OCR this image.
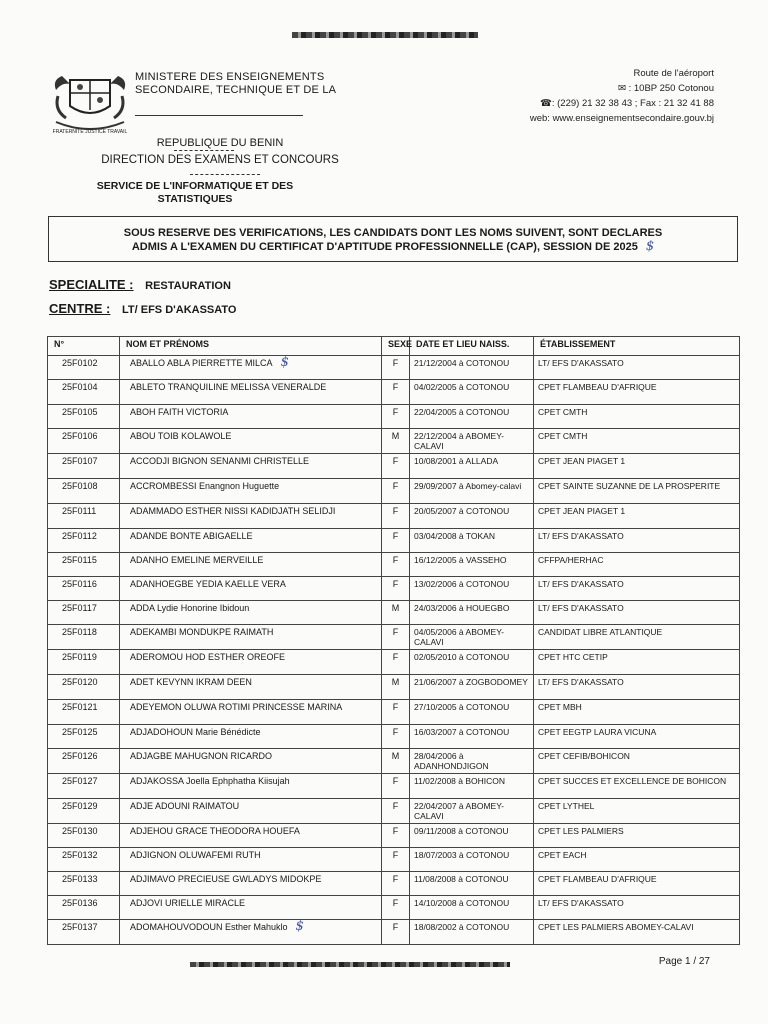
FRATERNITÉ JUSTICE TRAVAIL
MINISTERE DES ENSEIGNEMENTS
SECONDAIRE, TECHNIQUE ET DE LA
Route de l'aéroport
✉ : 10BP 250 Cotonou
☎: (229) 21 32 38 43 ; Fax : 21 32 41 88
web: www.enseignementsecondaire.gouv.bj
REPUBLIQUE DU BENIN
DIRECTION DES EXAMENS ET CONCOURS
SERVICE DE L'INFORMATIQUE ET DES
STATISTIQUES
SOUS RESERVE DES VERIFICATIONS, LES CANDIDATS DONT LES NOMS SUIVENT, SONT DECLARES
ADMIS A L'EXAMEN DU CERTIFICAT D'APTITUDE PROFESSIONNELLE (CAP), SESSION DE 2025 $
SPECIALITE : RESTAURATION
CENTRE : LT/ EFS D'AKASSATO
N°	NOM ET PRÉNOMS	SEXE	DATE ET LIEU NAISS.	ÉTABLISSEMENT
25F0102	ABALLO ABLA PIERRETTE MILCA $	F	21/12/2004 à COTONOU	LT/ EFS D'AKASSATO
25F0104	ABLETO TRANQUILINE MELISSA VENERALDE	F	04/02/2005 à COTONOU	CPET FLAMBEAU D'AFRIQUE
25F0105	ABOH FAITH VICTORIA	F	22/04/2005 à COTONOU	CPET CMTH
25F0106	ABOU TOIB KOLAWOLE	M	22/12/2004 à ABOMEY-CALAVI	CPET CMTH
25F0107	ACCODJI BIGNON SENANMI CHRISTELLE	F	10/08/2001 à ALLADA	CPET JEAN PIAGET 1
25F0108	ACCROMBESSI Enangnon Huguette	F	29/09/2007 à Abomey-calavi	CPET SAINTE SUZANNE DE LA PROSPERITE
25F0111	ADAMMADO ESTHER NISSI KADIDJATH SELIDJI	F	20/05/2007 à COTONOU	CPET JEAN PIAGET 1
25F0112	ADANDE BONTE ABIGAELLE	F	03/04/2008 à TOKAN	LT/ EFS D'AKASSATO
25F0115	ADANHO EMELINE MERVEILLE	F	16/12/2005 à VASSEHO	CFFPA/HERHAC
25F0116	ADANHOEGBE YEDIA KAELLE VERA	F	13/02/2006 à COTONOU	LT/ EFS D'AKASSATO
25F0117	ADDA Lydie Honorine Ibidoun	M	24/03/2006 à HOUEGBO	LT/ EFS D'AKASSATO
25F0118	ADEKAMBI MONDUKPE RAIMATH	F	04/05/2006 à ABOMEY-CALAVI	CANDIDAT LIBRE ATLANTIQUE
25F0119	ADEROMOU HOD ESTHER OREOFE	F	02/05/2010 à COTONOU	CPET HTC CETIP
25F0120	ADET KEVYNN IKRAM DEEN	M	21/06/2007 à ZOGBODOMEY	LT/ EFS D'AKASSATO
25F0121	ADEYEMON OLUWA ROTIMI PRINCESSE MARINA	F	27/10/2005 à COTONOU	CPET MBH
25F0125	ADJADOHOUN Marie Bénédicte	F	16/03/2007 à COTONOU	CPET EEGTP LAURA VICUNA
25F0126	ADJAGBE MAHUGNON RICARDO	M	28/04/2006 à ADANHONDJIGON	CPET CEFIB/BOHICON
25F0127	ADJAKOSSA Joella Ephphatha Kiisujah	F	11/02/2008 à BOHICON	CPET SUCCES ET EXCELLENCE DE BOHICON
25F0129	ADJE ADOUNI RAIMATOU	F	22/04/2007 à ABOMEY-CALAVI	CPET LYTHEL
25F0130	ADJEHOU GRACE THEODORA HOUEFA	F	09/11/2008 à COTONOU	CPET LES PALMIERS
25F0132	ADJIGNON OLUWAFEMI RUTH	F	18/07/2003 à COTONOU	CPET EACH
25F0133	ADJIMAVO PRECIEUSE GWLADYS MIDOKPE	F	11/08/2008 à COTONOU	CPET FLAMBEAU D'AFRIQUE
25F0136	ADJOVI URIELLE MIRACLE	F	14/10/2008 à COTONOU	LT/ EFS D'AKASSATO
25F0137	ADOMAHOUVODOUN Esther Mahuklo $	F	18/08/2002 à COTONOU	CPET LES PALMIERS ABOMEY-CALAVI
Page 1 / 27
